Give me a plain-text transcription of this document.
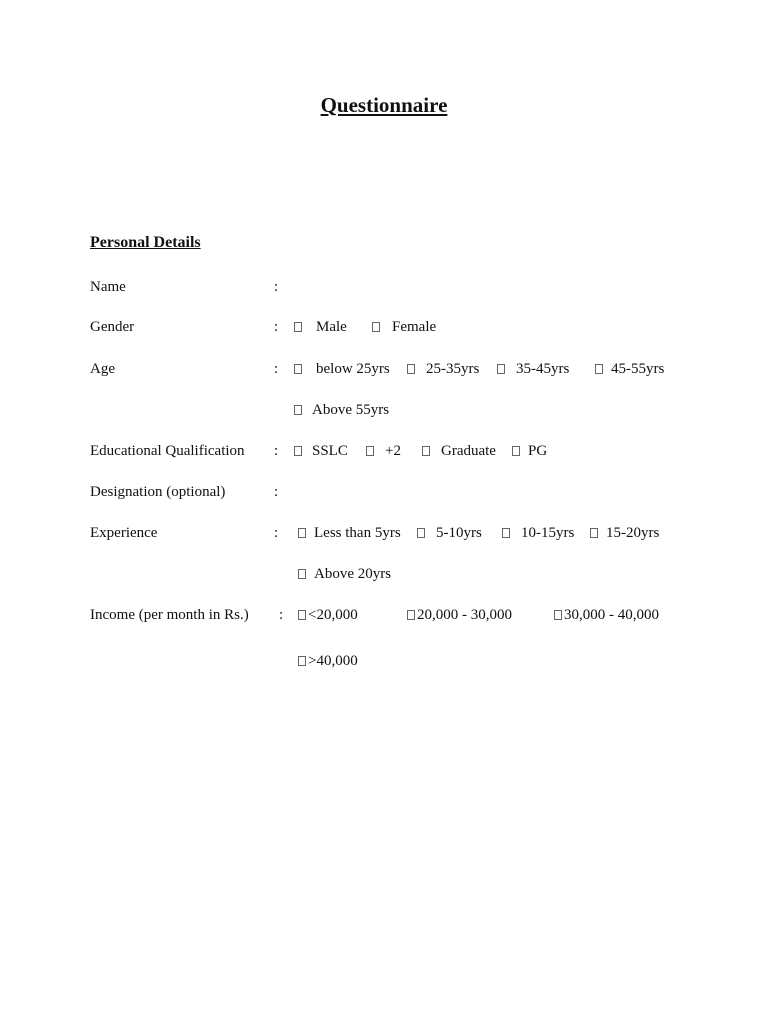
Questionnaire
Personal Details
Name	:
Gender	:	Male	Female
Age	:	below 25yrs	25-35yrs	35-45yrs	45-55yrs
Above 55yrs
Educational Qualification :	SSLC	+2	Graduate	PG
Designation (optional)	:
Experience	:	Less than 5yrs	5-10yrs	10-15yrs	15-20yrs
Above 20yrs
Income (per month in Rs.) :	<20,000	20,000 - 30,000	30,000 - 40,000
>40,000
